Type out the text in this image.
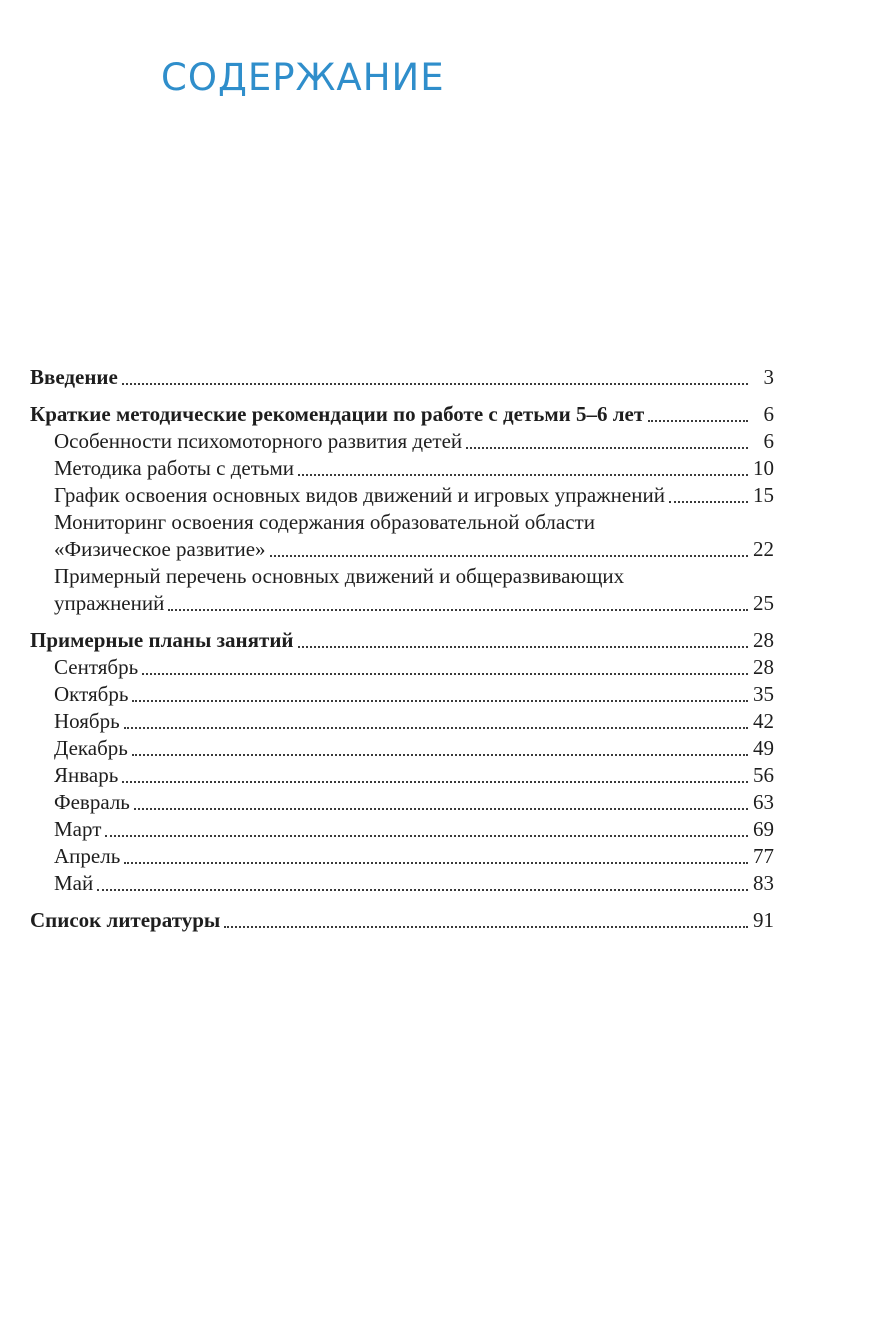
СОДЕРЖАНИЕ
Введение	3
Краткие методические рекомендации по работе с детьми 5–6 лет	6
Особенности психомоторного развития детей	6
Методика работы с детьми	10
График освоения основных видов движений и игровых упражнений	15
Мониторинг освоения содержания образовательной области
«Физическое развитие»	22
Примерный перечень основных движений и общеразвивающих
упражнений	25
Примерные планы занятий	28
Сентябрь	28
Октябрь	35
Ноябрь	42
Декабрь	49
Январь	56
Февраль	63
Март	69
Апрель	77
Май	83
Список литературы	91
